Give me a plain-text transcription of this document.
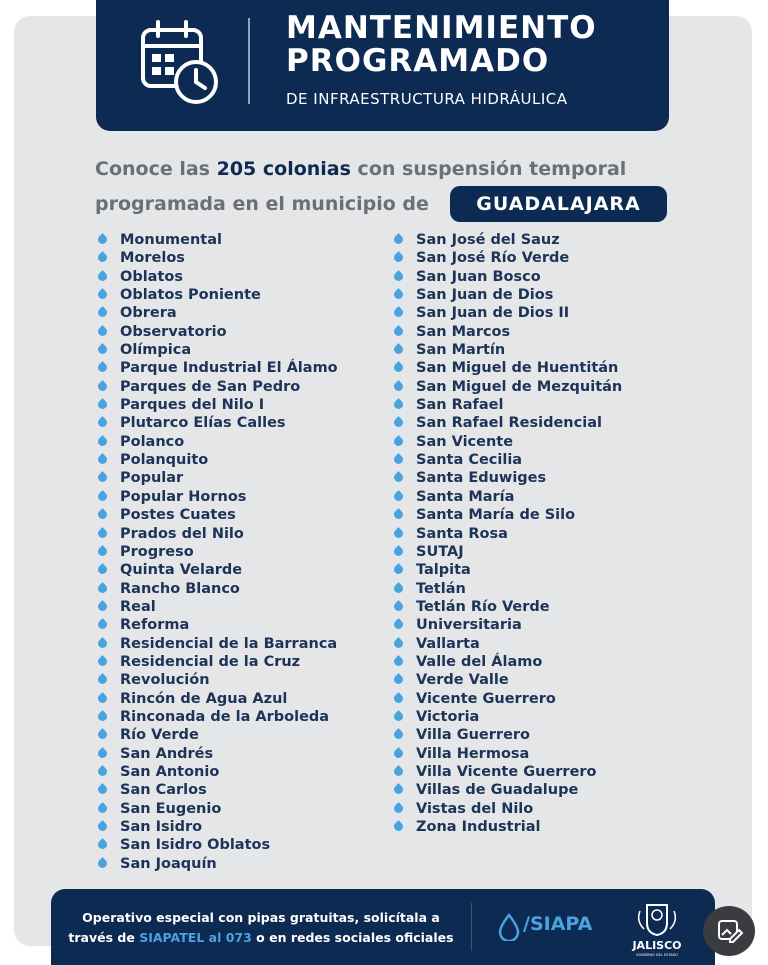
MANTENIMIENTO
PROGRAMADO
DE INFRAESTRUCTURA HIDRÁULICA
Conoce las 205 colonias con suspensión temporal
programada en el municipio de	GUADALAJARA
Monumental
Morelos
Oblatos
Oblatos Poniente
Obrera
Observatorio
Olímpica
Parque Industrial El Álamo
Parques de San Pedro
Parques del Nilo I
Plutarco Elías Calles
Polanco
Polanquito
Popular
Popular Hornos
Postes Cuates
Prados del Nilo
Progreso
Quinta Velarde
Rancho Blanco
Real
Reforma
Residencial de la Barranca
Residencial de la Cruz
Revolución
Rincón de Agua Azul
Rinconada de la Arboleda
Río Verde
San Andrés
San Antonio
San Carlos
San Eugenio
San Isidro
San Isidro Oblatos
San Joaquín
San José del Sauz
San José Río Verde
San Juan Bosco
San Juan de Dios
San Juan de Dios II
San Marcos
San Martín
San Miguel de Huentitán
San Miguel de Mezquitán
San Rafael
San Rafael Residencial
San Vicente
Santa Cecilia
Santa Eduwiges
Santa María
Santa María de Silo
Santa Rosa
SUTAJ
Talpita
Tetlán
Tetlán Río Verde
Universitaria
Vallarta
Valle del Álamo
Verde Valle
Vicente Guerrero
Victoria
Villa Guerrero
Villa Hermosa
Villa Vicente Guerrero
Villas de Guadalupe
Vistas del Nilo
Zona Industrial
Operativo especial con pipas gratuitas, solicítala a
través de SIAPATEL al 073 o en redes sociales oficiales
/SIAPA
JALISCO
GOBIERNO DEL ESTADO
